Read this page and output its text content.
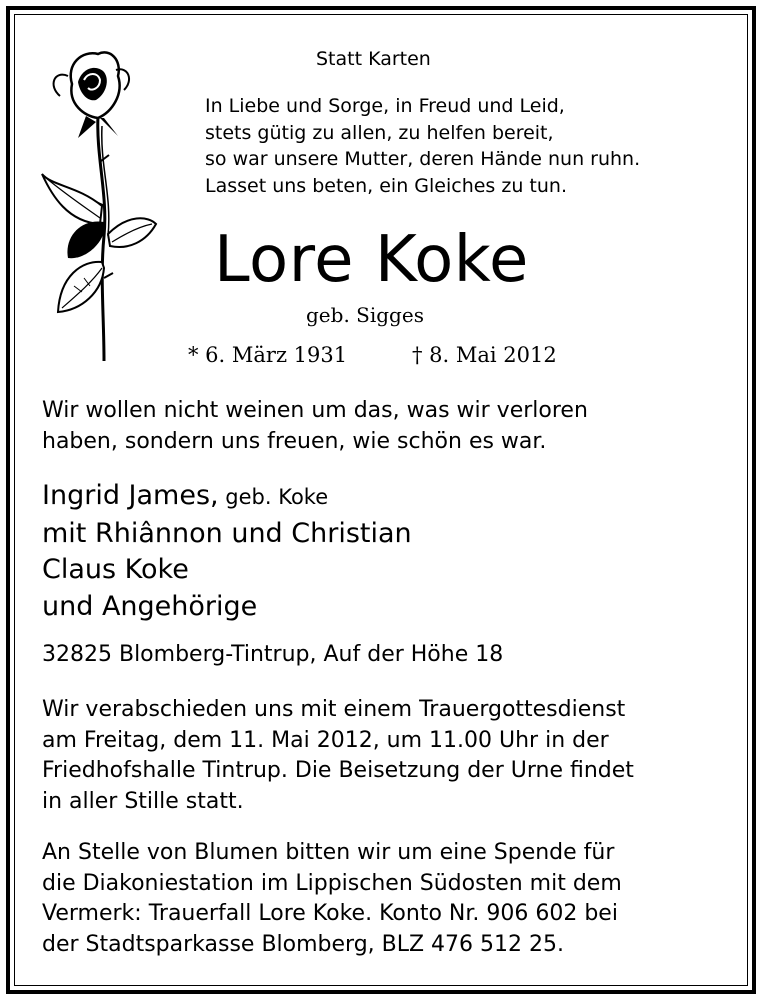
Statt Karten
In Liebe und Sorge, in Freud und Leid,
stets gütig zu allen, zu helfen bereit,
so war unsere Mutter, deren Hände nun ruhn.
Lasset uns beten, ein Gleiches zu tun.
Lore Koke
geb. Sigges
* 6. März 1931	† 8. Mai 2012
Wir wollen nicht weinen um das, was wir verloren
haben, sondern uns freuen, wie schön es war.
Ingrid James, geb. Koke
mit Rhiânnon und Christian
Claus Koke
und Angehörige
32825 Blomberg-Tintrup, Auf der Höhe 18
Wir verabschieden uns mit einem Trauergottesdienst
am Freitag, dem 11. Mai 2012, um 11.00 Uhr in der
Friedhofshalle Tintrup. Die Beisetzung der Urne findet
in aller Stille statt.
An Stelle von Blumen bitten wir um eine Spende für
die Diakoniestation im Lippischen Südosten mit dem
Vermerk: Trauerfall Lore Koke. Konto Nr. 906 602 bei
der Stadtsparkasse Blomberg, BLZ 476 512 25.
